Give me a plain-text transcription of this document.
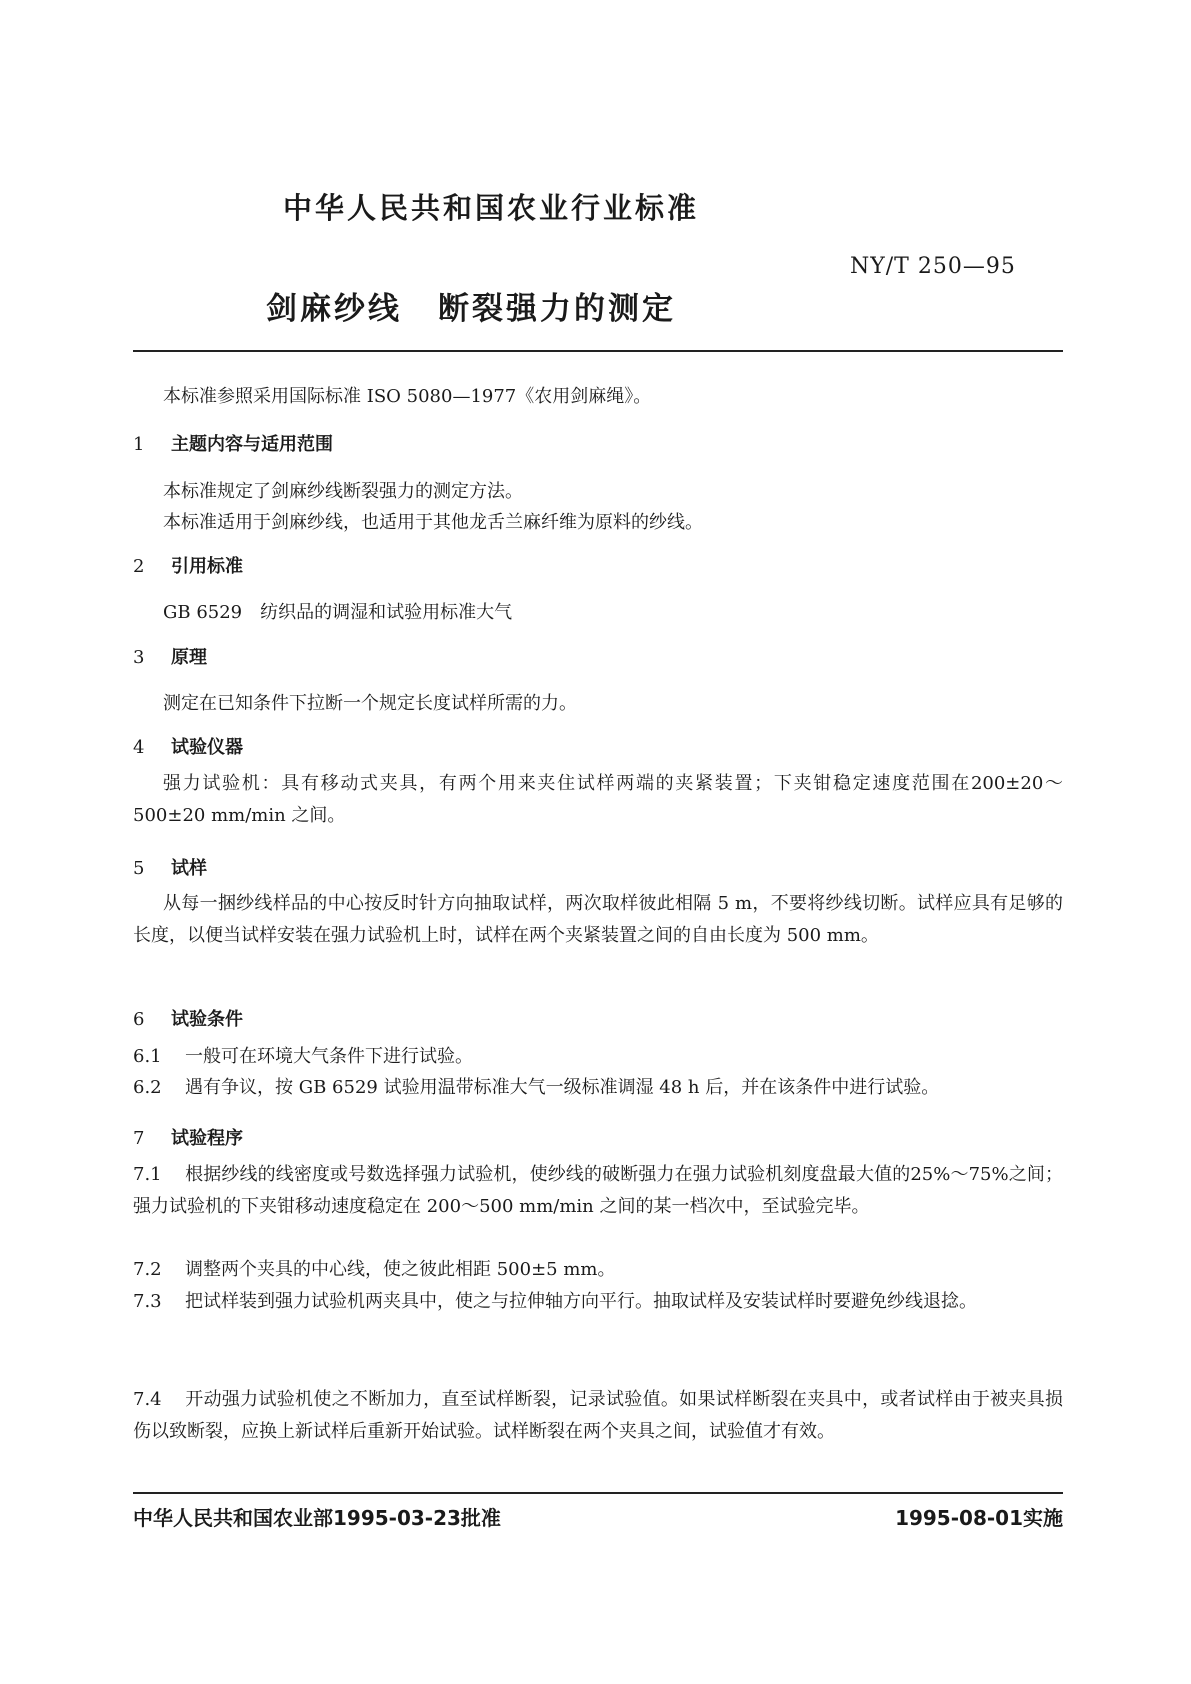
中华人民共和国农业行业标准
剑麻纱线 断裂强力的测定
NY/T 250—95
本标准参照采用国际标准 ISO 5080—1977《农用剑麻绳》。
1 主题内容与适用范围
本标准规定了剑麻纱线断裂强力的测定方法。
本标准适用于剑麻纱线，也适用于其他龙舌兰麻纤维为原料的纱线。
2 引用标准
GB 6529　纺织品的调湿和试验用标准大气
3 原理
测定在已知条件下拉断一个规定长度试样所需的力。
4 试验仪器
强力试验机：具有移动式夹具，有两个用来夹住试样两端的夹紧装置；下夹钳稳定速度范围在200±20～500±20 mm/min 之间。
5 试样
从每一捆纱线样品的中心按反时针方向抽取试样，两次取样彼此相隔 5 m，不要将纱线切断。试样应具有足够的长度，以便当试样安装在强力试验机上时，试样在两个夹紧装置之间的自由长度为 500 mm。
6 试验条件
6.1 一般可在环境大气条件下进行试验。
6.2 遇有争议，按 GB 6529 试验用温带标准大气一级标准调湿 48 h 后，并在该条件中进行试验。
7 试验程序
7.1 根据纱线的线密度或号数选择强力试验机，使纱线的破断强力在强力试验机刻度盘最大值的25%～75%之间；强力试验机的下夹钳移动速度稳定在 200～500 mm/min 之间的某一档次中，至试验完毕。
7.2 调整两个夹具的中心线，使之彼此相距 500±5 mm。
7.3 把试样装到强力试验机两夹具中，使之与拉伸轴方向平行。抽取试样及安装试样时要避免纱线退捻。
7.4 开动强力试验机使之不断加力，直至试样断裂，记录试验值。如果试样断裂在夹具中，或者试样由于被夹具损伤以致断裂，应换上新试样后重新开始试验。试样断裂在两个夹具之间，试验值才有效。
中华人民共和国农业部1995-03-23批准	1995-08-01实施
